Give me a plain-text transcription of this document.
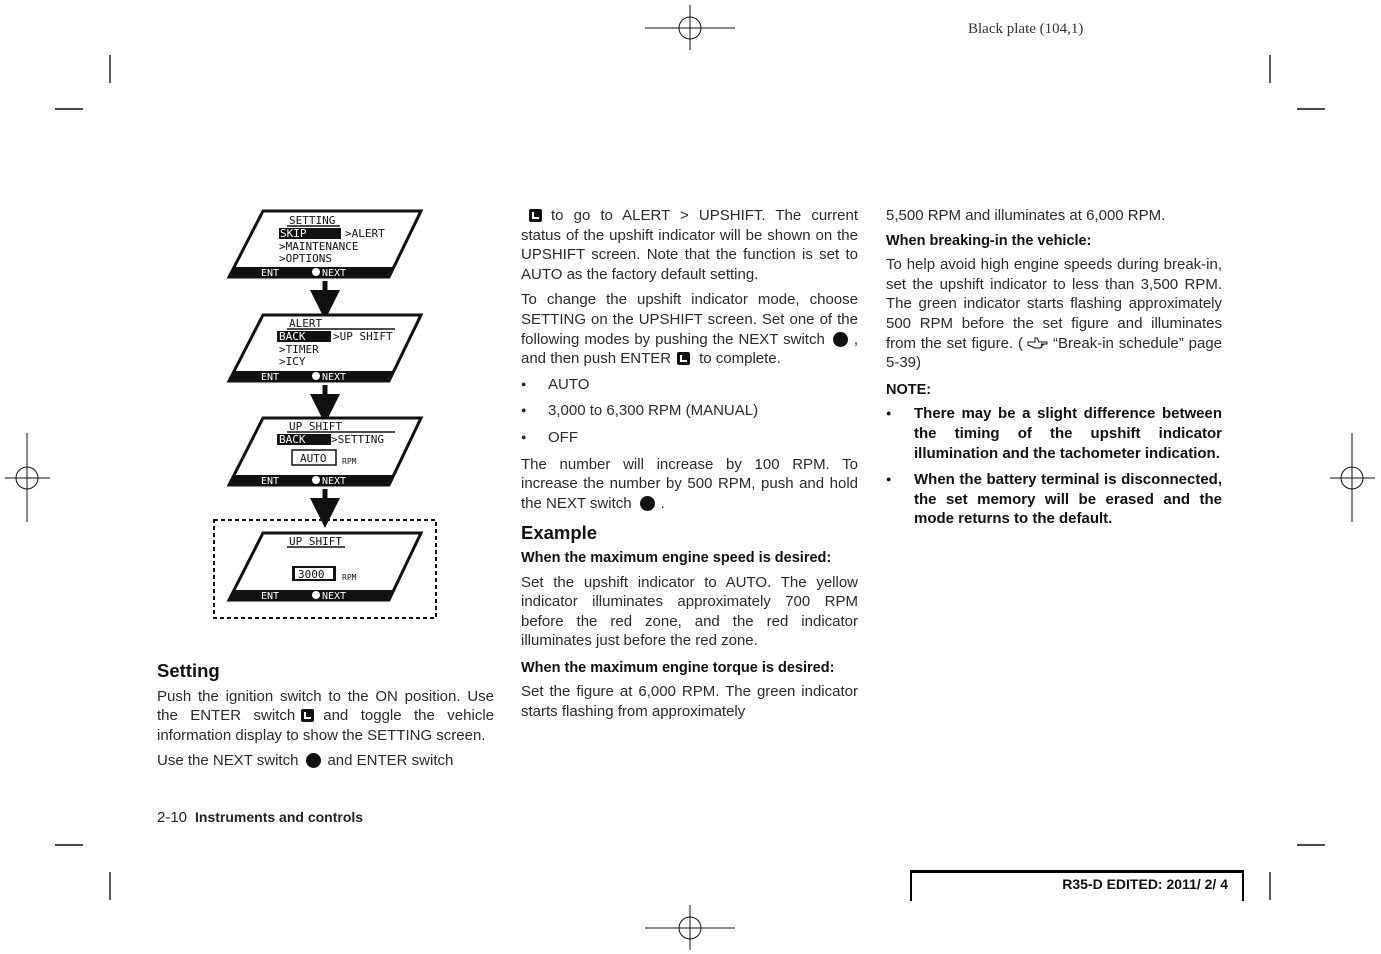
Black plate (104,1)
SETTING
SKIP	>ALERT
>MAINTENANCE
>OPTIONS
ENT	NEXT
ALERT
BACK	>UP SHIFT
>TIMER
>ICY
ENT	NEXT
UP SHIFT
BACK >SETTING
AUTO RPM
ENT	NEXT
UP SHIFT
3000 RPM
ENT	NEXT
Setting

Push the ignition switch to the ON position. Use the ENTER switch and toggle the vehicle information display to show the SETTING screen.

Use the NEXT switch and ENTER switch

to go to ALERT > UPSHIFT. The current status of the upshift indicator will be shown on the UPSHIFT screen. Note that the function is set to AUTO as the factory default setting.

To change the upshift indicator mode, choose SETTING on the UPSHIFT screen. Set one of the following modes by pushing the NEXT switch , and then push ENTER to complete.

● AUTO
● 3,000 to 6,300 RPM (MANUAL)
● OFF

The number will increase by 100 RPM. To increase the number by 500 RPM, push and hold the NEXT switch .

Example
When the maximum engine speed is desired:

Set the upshift indicator to AUTO. The yellow indicator illuminates approximately 700 RPM before the red zone, and the red indicator illuminates just before the red zone.

When the maximum engine torque is desired:

Set the figure at 6,000 RPM. The green indicator starts flashing from approximately

5,500 RPM and illuminates at 6,000 RPM.

When breaking-in the vehicle:

To help avoid high engine speeds during break-in, set the upshift indicator to less than 3,500 RPM. The green indicator starts flashing approximately 500 RPM before the set figure and illuminates from the set figure. ( “Break-in schedule” page 5-39)

NOTE:
● There may be a slight difference between the timing of the upshift indicator illumination and the tachometer indication.
● When the battery terminal is disconnected, the set memory will be erased and the mode returns to the default.
2-10 Instruments and controls
R35-D EDITED: 2011/ 2/ 4
